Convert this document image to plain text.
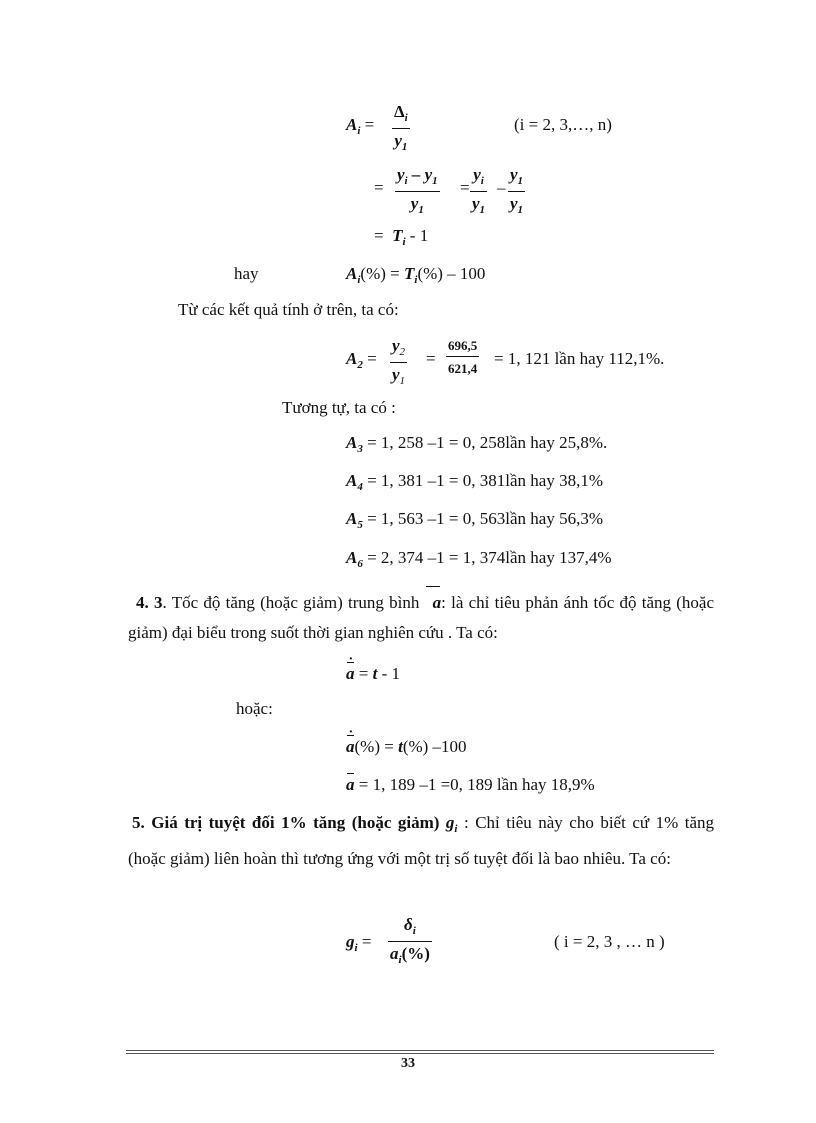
$A_i = \frac{\Delta_i}{y_1}$	(i = 2, 3,…, n)
= $\frac{y_i - y_1}{y_1} = \frac{y_i}{y_1} - \frac{y_1}{y_1}$
= $T_i - 1$
hay	$A_i(\%) = T_i(\%) - 100$
Từ các kết quả tính ở trên, ta có:
$A_2 = \frac{y_2}{y_1} = \frac{696,5}{621,4} = 1$, 121 lần hay 112,1%.
Tương tự, ta có :
$A_3 = 1$, 258 –1 = 0, 258lần hay 25,8%.
$A_4 = 1$, 381 –1 = 0, 381lần hay 38,1%
$A_5 = 1$, 563 –1 = 0, 563lần hay 56,3%
$A_6 = 2$, 374 –1 = 1, 374lần hay 137,4%
4. 3. Tốc độ tăng (hoặc giảm) trung bình a: là chỉ tiêu phản ánh tốc độ tăng (hoặc giảm) đại biểu trong suốt thời gian nghiên cứu . Ta có:
a = · t - 1
hoặc:
a(%) = · t(%) –100
a = 1, 189 –1 =0, 189 lần hay 18,9%
5. Giá trị tuyệt đối 1% tăng (hoặc giảm) $g_i$ : Chỉ tiêu này cho biết cứ 1% tăng (hoặc giảm) liên hoàn thì tương ứng với một trị số tuyệt đối là bao nhiêu. Ta có:
$g_i = \frac{\delta_i}{a_i(\%)}$	( i = 2, 3 , … n )
33
